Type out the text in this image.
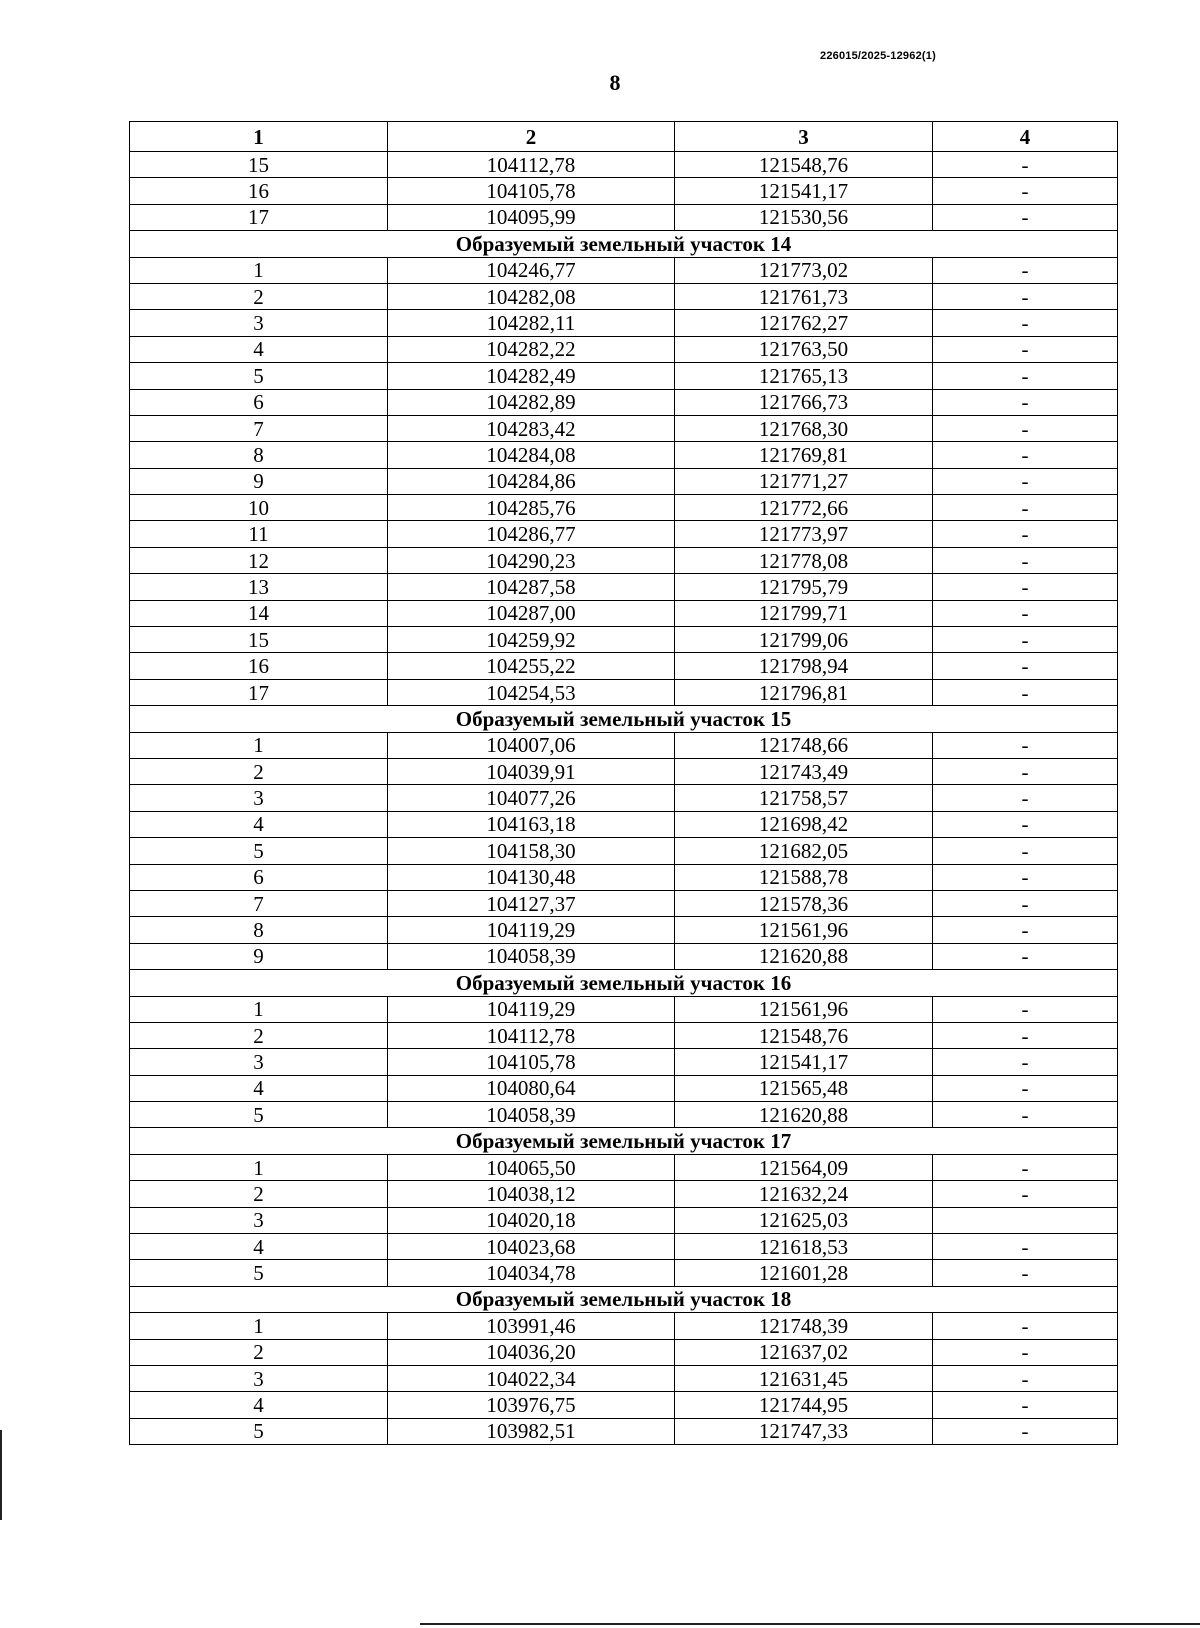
226015/2025-12962(1)
8
1	2	3	4
15	104112,78	121548,76	-
16	104105,78	121541,17	-
17	104095,99	121530,56	-
Образуемый земельный участок 14			
1	104246,77	121773,02	-
2	104282,08	121761,73	-
3	104282,11	121762,27	-
4	104282,22	121763,50	-
5	104282,49	121765,13	-
6	104282,89	121766,73	-
7	104283,42	121768,30	-
8	104284,08	121769,81	-
9	104284,86	121771,27	-
10	104285,76	121772,66	-
11	104286,77	121773,97	-
12	104290,23	121778,08	-
13	104287,58	121795,79	-
14	104287,00	121799,71	-
15	104259,92	121799,06	-
16	104255,22	121798,94	-
17	104254,53	121796,81	-
Образуемый земельный участок 15			
1	104007,06	121748,66	-
2	104039,91	121743,49	-
3	104077,26	121758,57	-
4	104163,18	121698,42	-
5	104158,30	121682,05	-
6	104130,48	121588,78	-
7	104127,37	121578,36	-
8	104119,29	121561,96	-
9	104058,39	121620,88	-
Образуемый земельный участок 16			
1	104119,29	121561,96	-
2	104112,78	121548,76	-
3	104105,78	121541,17	-
4	104080,64	121565,48	-
5	104058,39	121620,88	-
Образуемый земельный участок 17			
1	104065,50	121564,09	-
2	104038,12	121632,24	-
3	104020,18	121625,03	
4	104023,68	121618,53	-
5	104034,78	121601,28	-
Образуемый земельный участок 18			
1	103991,46	121748,39	-
2	104036,20	121637,02	-
3	104022,34	121631,45	-
4	103976,75	121744,95	-
5	103982,51	121747,33	-
